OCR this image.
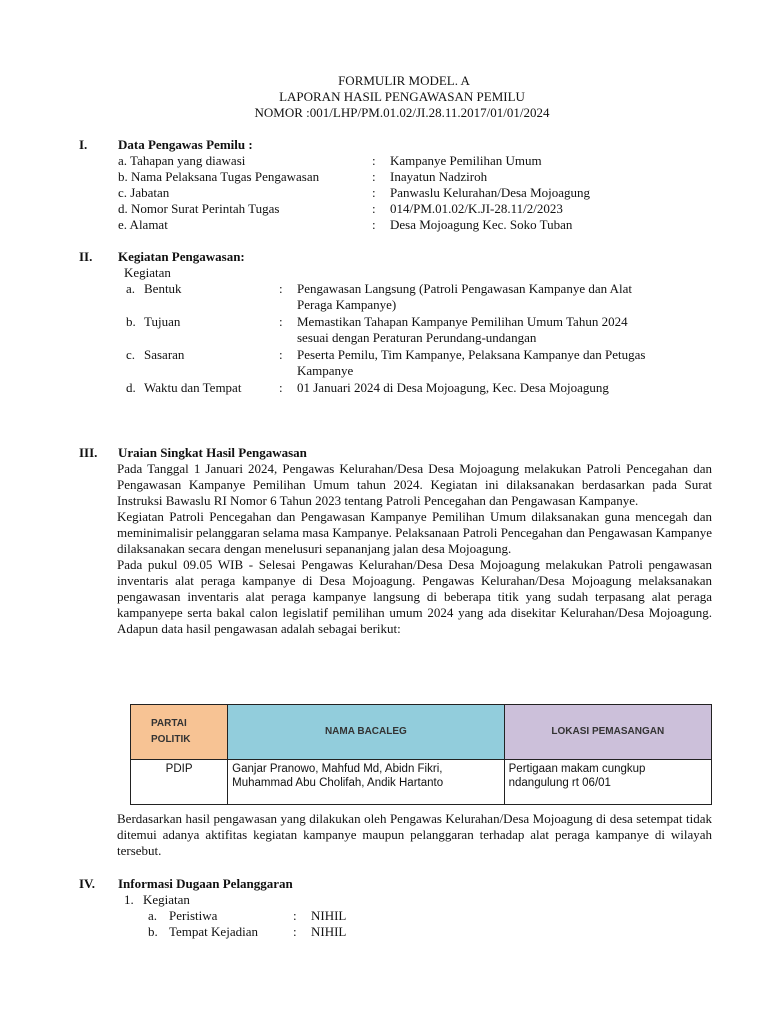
FORMULIR MODEL. A
LAPORAN HASIL PENGAWASAN PEMILU
NOMOR :001/LHP/PM.01.02/JI.28.11.2017/01/01/2024
I. Data Pengawas Pemilu :
a. Tahapan yang diawasi	: Kampanye Pemilihan Umum
b. Nama Pelaksana Tugas Pengawasan	: Inayatun Nadziroh
c. Jabatan	: Panwaslu Kelurahan/Desa Mojoagung
d. Nomor Surat Perintah Tugas	: 014/PM.01.02/K.JI-28.11/2/2023
e. Alamat	: Desa Mojoagung Kec. Soko Tuban
II. Kegiatan Pengawasan:
Kegiatan
a. Bentuk	: Pengawasan Langsung (Patroli Pengawasan Kampanye dan Alat
Peraga Kampanye)
b. Tujuan	: Memastikan Tahapan Kampanye Pemilihan Umum Tahun 2024
sesuai dengan Peraturan Perundang-undangan
c. Sasaran	: Peserta Pemilu, Tim Kampanye, Pelaksana Kampanye dan Petugas
Kampanye
d. Waktu dan Tempat	: 01 Januari 2024 di Desa Mojoagung, Kec. Desa Mojoagung
III. Uraian Singkat Hasil Pengawasan

Pada Tanggal 1 Januari 2024, Pengawas Kelurahan/Desa Desa Mojoagung melakukan Patroli Pencegahan dan Pengawasan Kampanye Pemilihan Umum tahun 2024. Kegiatan ini dilaksanakan berdasarkan pada Surat Instruksi Bawaslu RI Nomor 6 Tahun 2023 tentang Patroli Pencegahan dan Pengawasan Kampanye.

Kegiatan Patroli Pencegahan dan Pengawasan Kampanye Pemilihan Umum dilaksanakan guna mencegah dan meminimalisir pelanggaran selama masa Kampanye. Pelaksanaan Patroli Pencegahan dan Pengawasan Kampanye dilaksanakan secara dengan menelusuri sepananjang jalan desa Mojoagung.

Pada pukul 09.05 WIB - Selesai Pengawas Kelurahan/Desa Desa Mojoagung melakukan Patroli pengawasan inventaris alat peraga kampanye di Desa Mojoagung. Pengawas Kelurahan/Desa Mojoagung melaksanakan pengawasan inventaris alat peraga kampanye langsung di beberapa titik yang sudah terpasang alat peraga kampanyepe serta bakal calon legislatif pemilihan umum 2024 yang ada disekitar Kelurahan/Desa Mojoagung. Adapun data hasil pengawasan adalah sebagai berikut:

PARTAI POLITIK	NAMA BACALEG	LOKASI PEMASANGAN
PDIP	Ganjar Pranowo, Mahfud Md, Abidn Fikri, Muhammad Abu Cholifah, Andik Hartanto	Pertigaan makam cungkup ndangulung rt 06/01

Berdasarkan hasil pengawasan yang dilakukan oleh Pengawas Kelurahan/Desa Mojoagung di desa setempat tidak ditemui adanya aktifitas kegiatan kampanye maupun pelanggaran terhadap alat peraga kampanye di wilayah tersebut.

IV. Informasi Dugaan Pelanggaran
1. Kegiatan
a. Peristiwa	: NIHIL
b. Tempat Kejadian	: NIHIL
